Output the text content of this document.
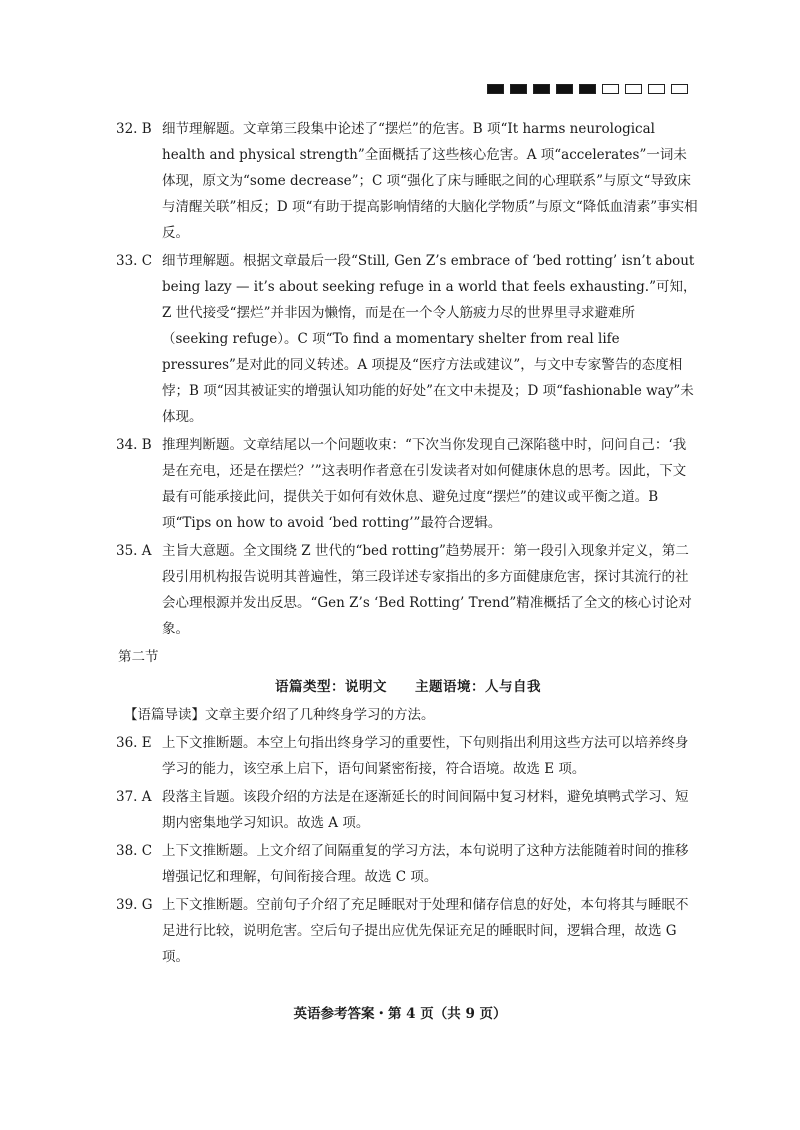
32. B 细节理解题。文章第三段集中论述了“摆烂”的危害。B 项“It harms neurological health and physical strength”全面概括了这些核心危害。A 项“accelerates”一词未体现，原文为“some decrease”；C 项“强化了床与睡眠之间的心理联系”与原文“导致床与清醒关联”相反；D 项“有助于提高影响情绪的大脑化学物质”与原文“降低血清素”事实相反。
33. C 细节理解题。根据文章最后一段“Still, Gen Z’s embrace of ‘bed rotting’ isn’t about being lazy — it’s about seeking refuge in a world that feels exhausting.”可知，Z 世代接受“摆烂”并非因为懒惰，而是在一个令人筋疲力尽的世界里寻求避难所（seeking refuge）。C 项“To find a momentary shelter from real life pressures”是对此的同义转述。A 项提及“医疗方法或建议”，与文中专家警告的态度相悖；B 项“因其被证实的增强认知功能的好处”在文中未提及；D 项“fashionable way”未体现。
34. B 推理判断题。文章结尾以一个问题收束：“下次当你发现自己深陷毯中时，问问自己：‘我是在充电，还是在摆烂？’”这表明作者意在引发读者对如何健康休息的思考。因此，下文最有可能承接此问，提供关于如何有效休息、避免过度“摆烂”的建议或平衡之道。B 项“Tips on how to avoid ‘bed rotting’”最符合逻辑。
35. A 主旨大意题。全文围绕 Z 世代的“bed rotting”趋势展开：第一段引入现象并定义，第二段引用机构报告说明其普遍性，第三段详述专家指出的多方面健康危害，探讨其流行的社会心理根源并发出反思。“Gen Z’s ‘Bed Rotting’ Trend”精准概括了全文的核心讨论对象。
第二节
语篇类型：说明文　　主题语境：人与自我
【语篇导读】文章主要介绍了几种终身学习的方法。
36. E 上下文推断题。本空上句指出终身学习的重要性，下句则指出利用这些方法可以培养终身学习的能力，该空承上启下，语句间紧密衔接，符合语境。故选 E 项。
37. A 段落主旨题。该段介绍的方法是在逐渐延长的时间间隔中复习材料，避免填鸭式学习、短期内密集地学习知识。故选 A 项。
38. C 上下文推断题。上文介绍了间隔重复的学习方法，本句说明了这种方法能随着时间的推移增强记忆和理解，句间衔接合理。故选 C 项。
39. G 上下文推断题。空前句子介绍了充足睡眠对于处理和储存信息的好处，本句将其与睡眠不足进行比较，说明危害。空后句子提出应优先保证充足的睡眠时间，逻辑合理，故选 G 项。
英语参考答案・第 4 页（共 9 页）
